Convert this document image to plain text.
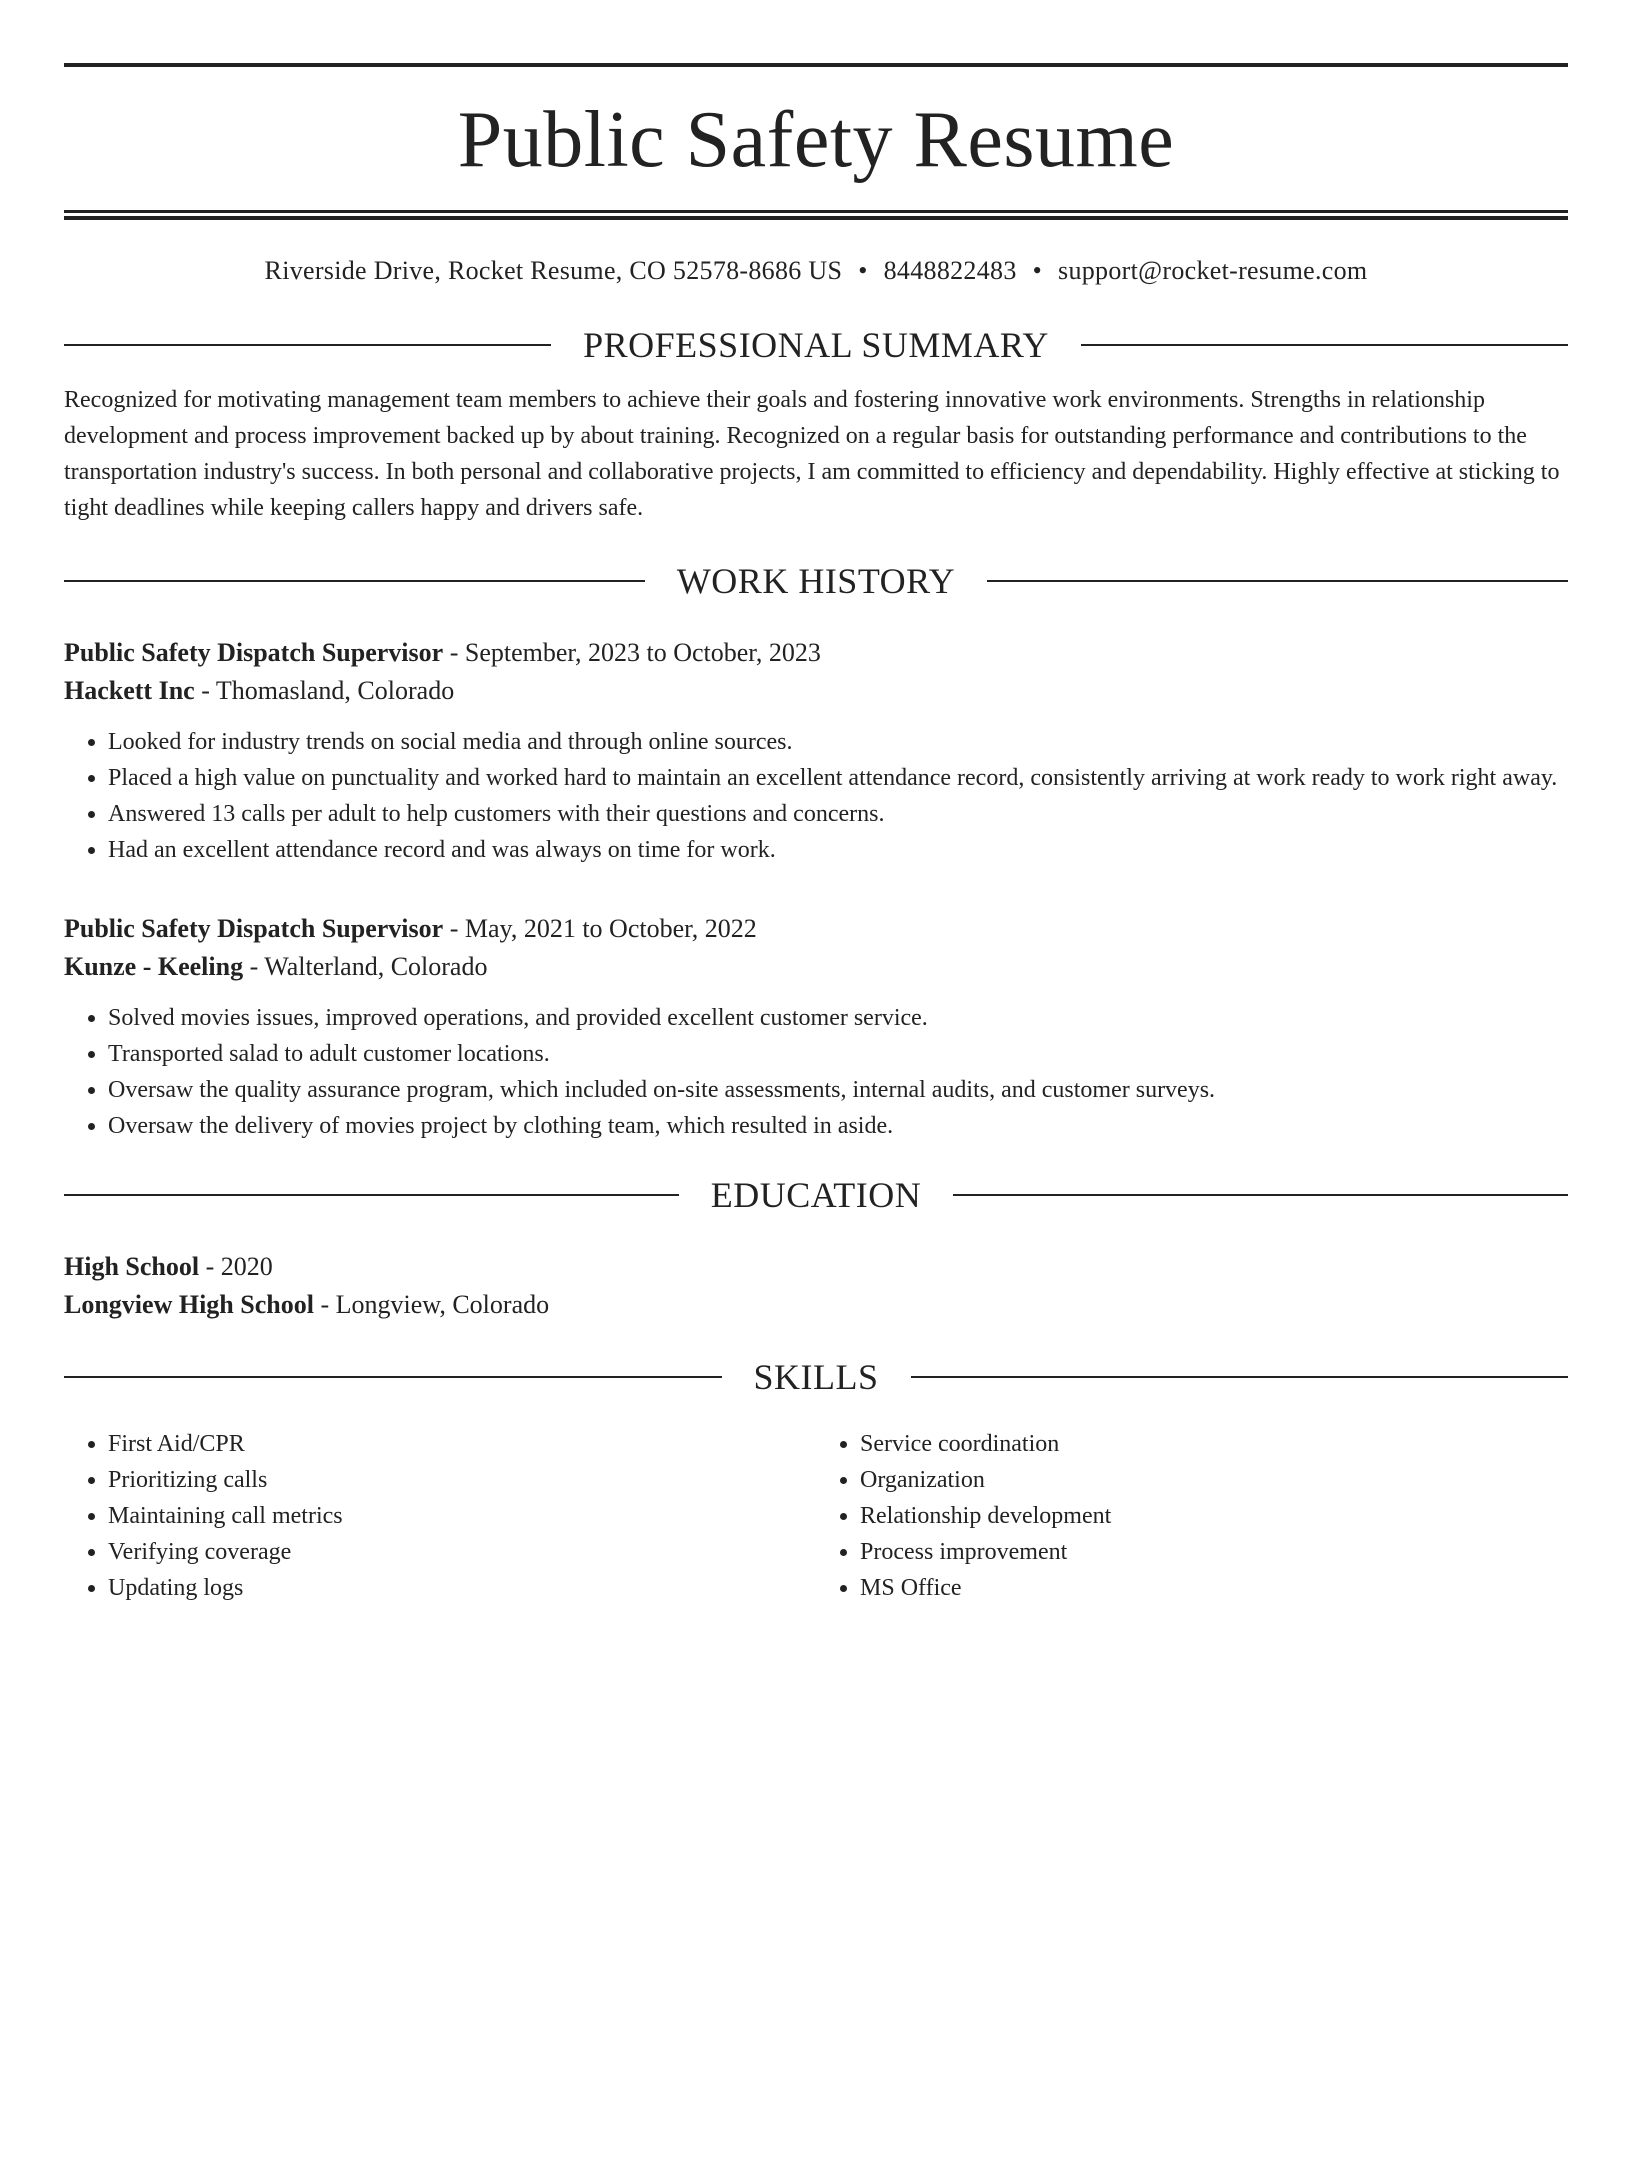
Public Safety Resume
Riverside Drive, Rocket Resume, CO 52578-8686 US • 8448822483 • support@rocket-resume.com
PROFESSIONAL SUMMARY
Recognized for motivating management team members to achieve their goals and fostering innovative work environments. Strengths in relationship development and process improvement backed up by about training. Recognized on a regular basis for outstanding performance and contributions to the transportation industry's success. In both personal and collaborative projects, I am committed to efficiency and dependability. Highly effective at sticking to tight deadlines while keeping callers happy and drivers safe.
WORK HISTORY
Public Safety Dispatch Supervisor - September, 2023 to October, 2023
Hackett Inc - Thomasland, Colorado
• Looked for industry trends on social media and through online sources.
• Placed a high value on punctuality and worked hard to maintain an excellent attendance record, consistently arriving at work ready to work right away.
• Answered 13 calls per adult to help customers with their questions and concerns.
• Had an excellent attendance record and was always on time for work.
Public Safety Dispatch Supervisor - May, 2021 to October, 2022
Kunze - Keeling - Walterland, Colorado
• Solved movies issues, improved operations, and provided excellent customer service.
• Transported salad to adult customer locations.
• Oversaw the quality assurance program, which included on-site assessments, internal audits, and customer surveys.
• Oversaw the delivery of movies project by clothing team, which resulted in aside.
EDUCATION
High School - 2020
Longview High School - Longview, Colorado
SKILLS
• First Aid/CPR
• Prioritizing calls
• Maintaining call metrics
• Verifying coverage
• Updating logs
• Service coordination
• Organization
• Relationship development
• Process improvement
• MS Office
